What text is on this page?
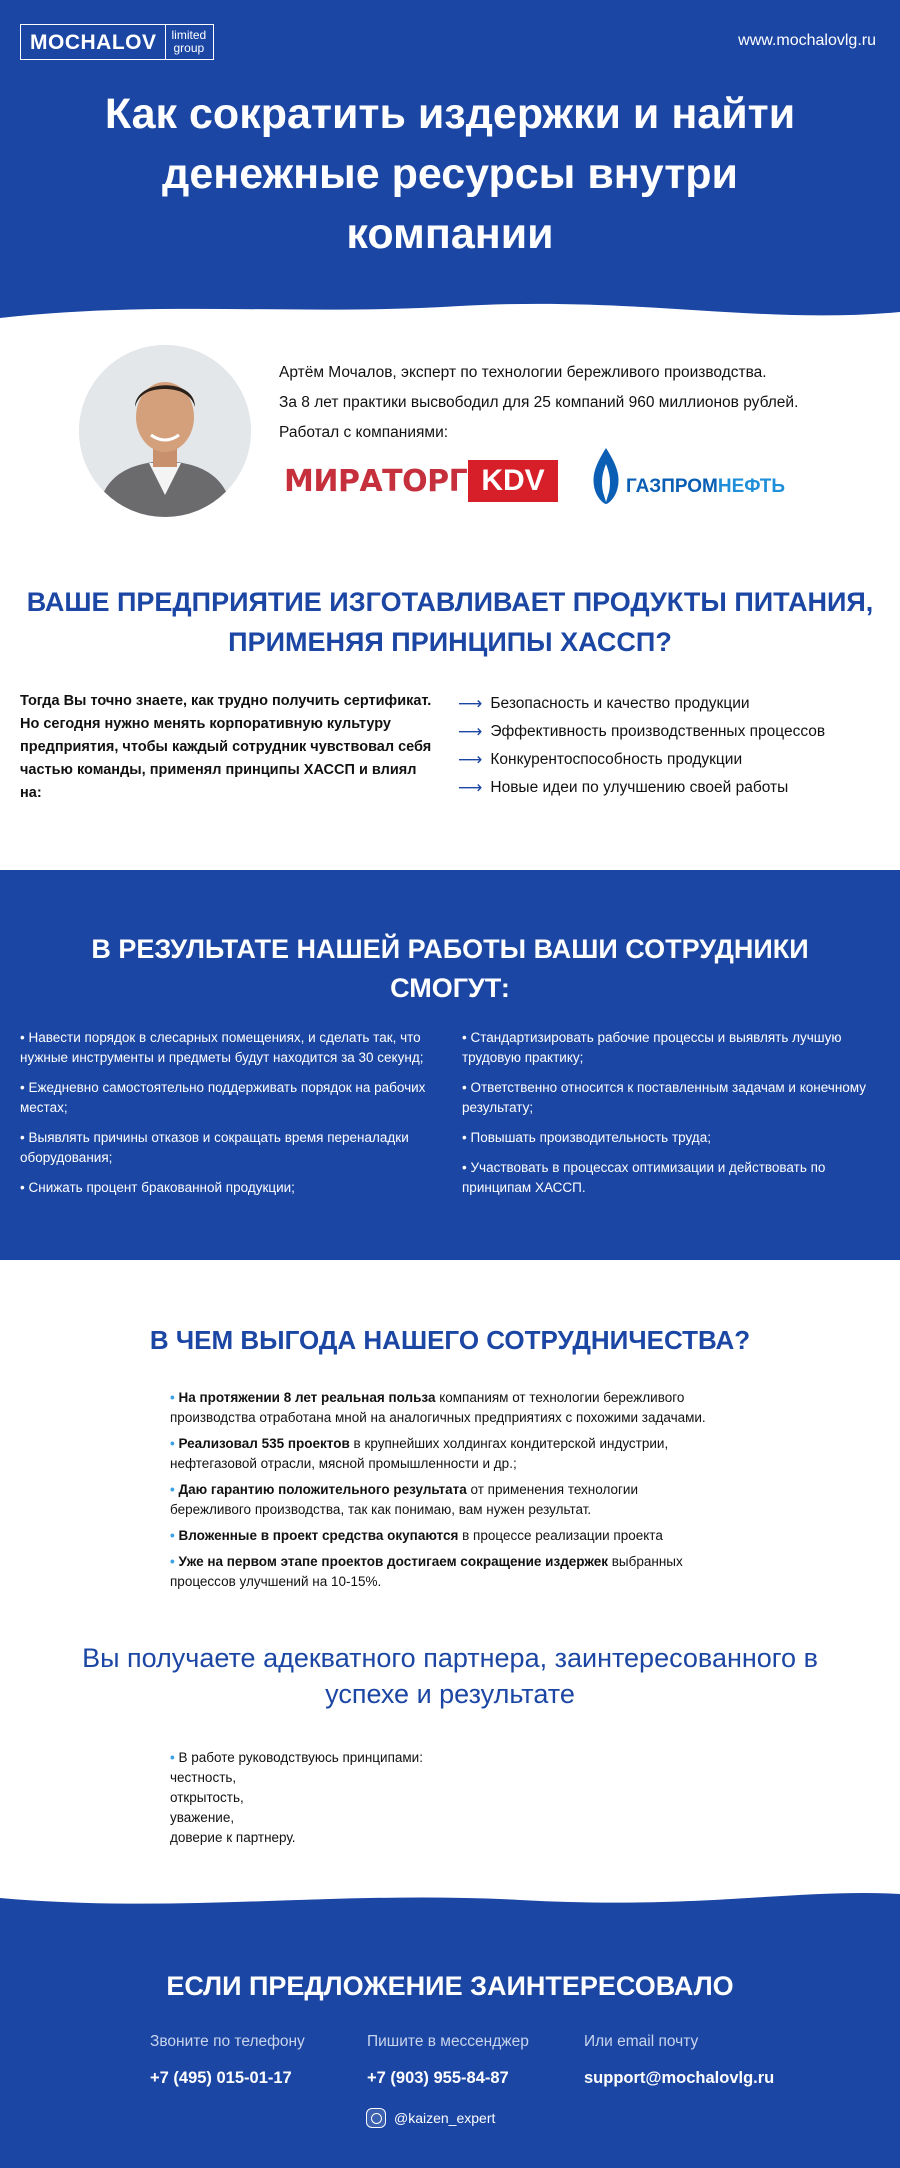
MOCHALOV	limited
group	www.mochalovlg.ru
Как сократить издержки и найти денежные ресурсы внутри компании
Артём Мочалов, эксперт по технологии бережливого производства.
За 8 лет практики высвободил для 25 компаний 960 миллионов рублей.
Работал с компаниями:
МИРАТОРГ KDV	ГАЗПРОМНЕФТЬ
ВАШЕ ПРЕДПРИЯТИЕ ИЗГОТАВЛИВАЕТ ПРОДУКТЫ ПИТАНИЯ, ПРИМЕНЯЯ ПРИНЦИПЫ ХАССП?

Тогда Вы точно знаете, как трудно получить сертификат. Но сегодня нужно менять корпоративную культуру предприятия, чтобы каждый сотрудник чувствовал себя частью команды, применял принципы ХАССП и влиял на:

⟶ Безопасность и качество продукции
⟶ Эффективность производственных процессов
⟶ Конкурентоспособность продукции
⟶ Новые идеи по улучшению своей работы
В РЕЗУЛЬТАТЕ НАШЕЙ РАБОТЫ ВАШИ СОТРУДНИКИ СМОГУТ:
• Навести порядок в слесарных помещениях, и сделать так, что нужные инструменты и предметы будут находится за 30 секунд;
• Ежедневно самостоятельно поддерживать порядок на рабочих местах;
• Выявлять причины отказов и сокращать время переналадки оборудования;
• Снижать процент бракованной продукции;
• Стандартизировать рабочие процессы и выявлять лучшую трудовую практику;
• Ответственно относится к поставленным задачам и конечному результату;
• Повышать производительность труда;
• Участвовать в процессах оптимизации и действовать по принципам ХАССП.
В ЧЕМ ВЫГОДА НАШЕГО СОТРУДНИЧЕСТВА?
• На протяжении 8 лет реальная польза компаниям от технологии бережливого производства отработана мной на аналогичных предприятиях с похожими задачами.
• Реализовал 535 проектов в крупнейших холдингах кондитерской индустрии, нефтегазовой отрасли, мясной промышленности и др.;
• Даю гарантию положительного результата от применения технологии бережливого производства, так как понимаю, вам нужен результат.
• Вложенные в проект средства окупаются в процессе реализации проекта
• Уже на первом этапе проектов достигаем сокращение издержек выбранных процессов улучшений на 10-15%.
Вы получаете адекватного партнера, заинтересованного в успехе и результате
• В работе руководствуюсь принципами:
честность,
открытость,
уважение,
доверие к партнеру.
ЕСЛИ ПРЕДЛОЖЕНИЕ ЗАИНТЕРЕСОВАЛО
Звоните по телефону
+7 (495) 015-01-17
Пишите в мессенджер
+7 (903) 955-84-87
Или email почту
support@mochalovlg.ru
@kaizen_expert
